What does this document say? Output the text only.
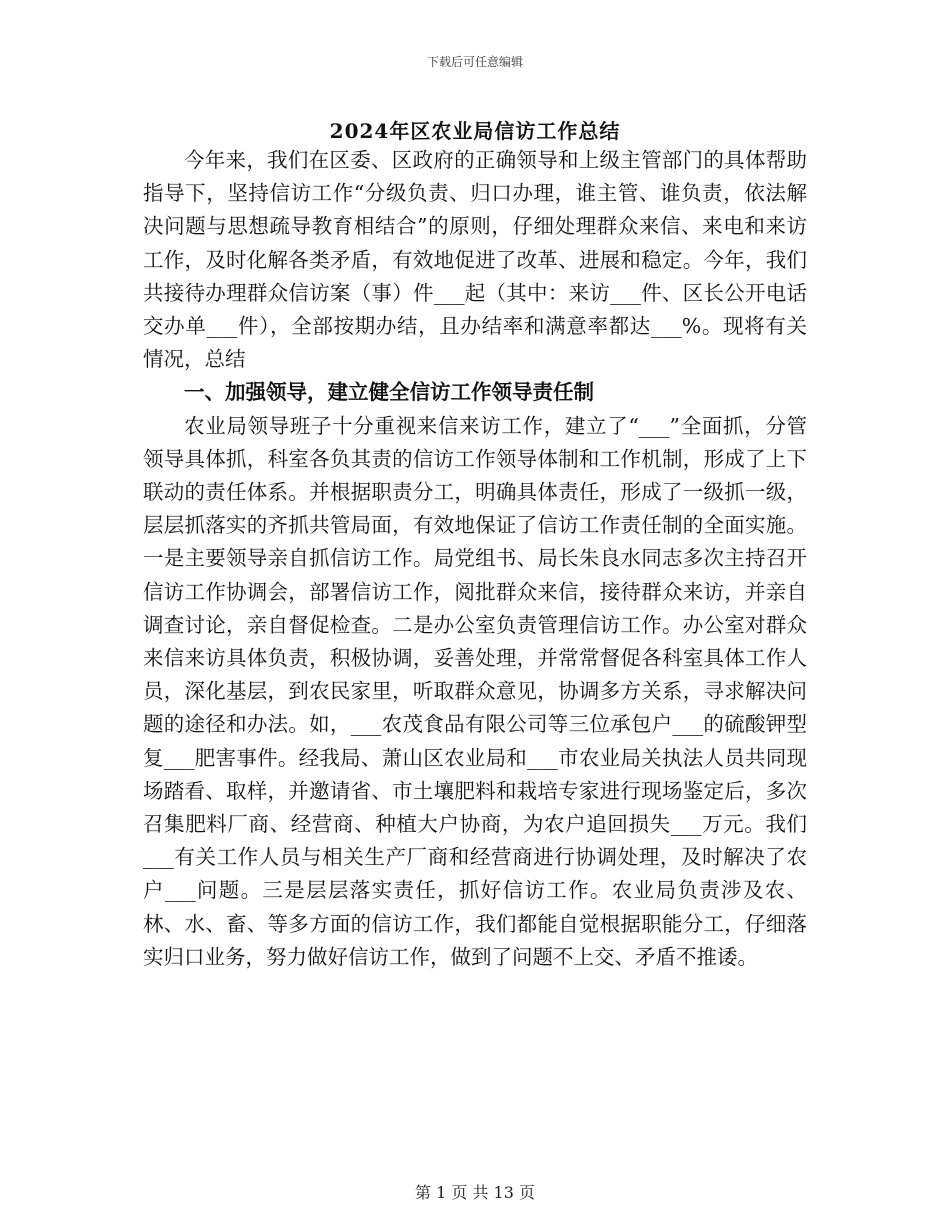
下载后可任意编辑
2024年区农业局信访工作总结

今年来，我们在区委、区政府的正确领导和上级主管部门的具体帮助指导下，坚持信访工作“分级负责、归口办理，谁主管、谁负责，依法解决问题与思想疏导教育相结合”的原则，仔细处理群众来信、来电和来访工作，及时化解各类矛盾，有效地促进了改革、进展和稳定。今年，我们共接待办理群众信访案（事）件___起（其中：来访___件、区长公开电话交办单___件），全部按期办结，且办结率和满意率都达___%。现将有关情况，总结

一、加强领导，建立健全信访工作领导责任制

农业局领导班子十分重视来信来访工作，建立了“___”全面抓，分管领导具体抓，科室各负其责的信访工作领导体制和工作机制，形成了上下联动的责任体系。并根据职责分工，明确具体责任，形成了一级抓一级，层层抓落实的齐抓共管局面，有效地保证了信访工作责任制的全面实施。一是主要领导亲自抓信访工作。局党组书、局长朱良水同志多次主持召开信访工作协调会，部署信访工作，阅批群众来信，接待群众来访，并亲自调查讨论，亲自督促检查。二是办公室负责管理信访工作。办公室对群众来信来访具体负责，积极协调，妥善处理，并常常督促各科室具体工作人员，深化基层，到农民家里，听取群众意见，协调多方关系，寻求解决问题的途径和办法。如，___农茂食品有限公司等三位承包户___的硫酸钾型复___肥害事件。经我局、萧山区农业局和___市农业局关执法人员共同现场踏看、取样，并邀请省、市土壤肥料和栽培专家进行现场鉴定后，多次召集肥料厂商、经营商、种植大户协商，为农户追回损失___万元。我们___有关工作人员与相关生产厂商和经营商进行协调处理，及时解决了农户___问题。三是层层落实责任，抓好信访工作。农业局负责涉及农、林、水、畜、等多方面的信访工作，我们都能自觉根据职能分工，仔细落实归口业务，努力做好信访工作，做到了问题不上交、矛盾不推诿。

第 1 页 共 13 页
